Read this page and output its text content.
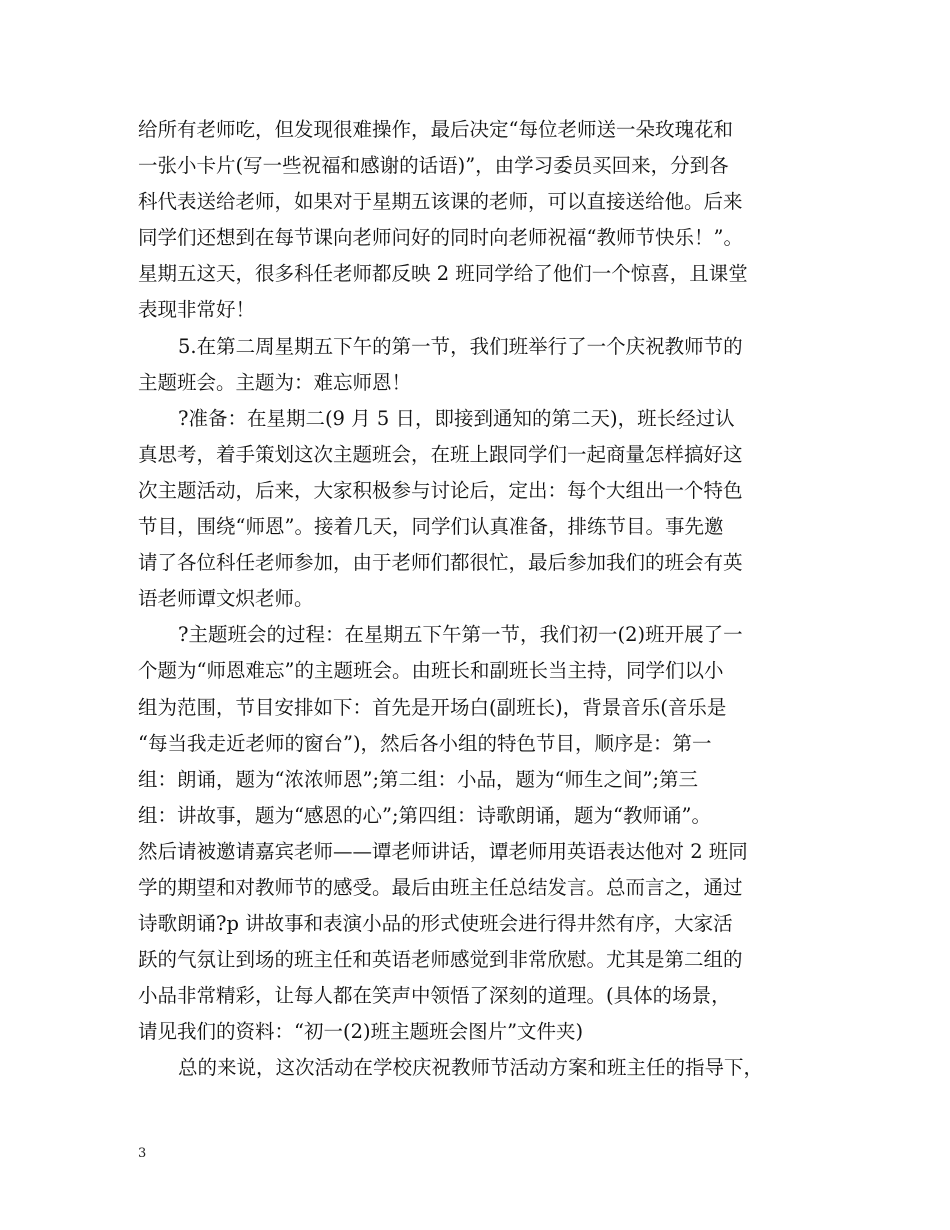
给所有老师吃，但发现很难操作，最后决定“每位老师送一朵玫瑰花和
一张小卡片(写一些祝福和感谢的话语)”，由学习委员买回来，分到各
科代表送给老师，如果对于星期五该课的老师，可以直接送给他。后来
同学们还想到在每节课向老师问好的同时向老师祝福“教师节快乐！”。
星期五这天，很多科任老师都反映 2 班同学给了他们一个惊喜，且课堂
表现非常好！
5.在第二周星期五下午的第一节，我们班举行了一个庆祝教师节的
主题班会。主题为：难忘师恩！
?准备：在星期二(9 月 5 日，即接到通知的第二天)，班长经过认
真思考，着手策划这次主题班会，在班上跟同学们一起商量怎样搞好这
次主题活动，后来，大家积极参与讨论后，定出：每个大组出一个特色
节目，围绕“师恩”。接着几天，同学们认真准备，排练节目。事先邀
请了各位科任老师参加，由于老师们都很忙，最后参加我们的班会有英
语老师谭文炽老师。
?主题班会的过程：在星期五下午第一节，我们初一(2)班开展了一
个题为“师恩难忘”的主题班会。由班长和副班长当主持，同学们以小
组为范围，节目安排如下：首先是开场白(副班长)，背景音乐(音乐是
“每当我走近老师的窗台”)，然后各小组的特色节目，顺序是：第一
组：朗诵，题为“浓浓师恩”;第二组：小品，题为“师生之间”;第三
组：讲故事，题为“感恩的心”;第四组：诗歌朗诵，题为“教师诵”。
然后请被邀请嘉宾老师——谭老师讲话，谭老师用英语表达他对 2 班同
学的期望和对教师节的感受。最后由班主任总结发言。总而言之，通过
诗歌朗诵?p 讲故事和表演小品的形式使班会进行得井然有序，大家活
跃的气氛让到场的班主任和英语老师感觉到非常欣慰。尤其是第二组的
小品非常精彩，让每人都在笑声中领悟了深刻的道理。(具体的场景，
请见我们的资料：“初一(2)班主题班会图片”文件夹)
总的来说，这次活动在学校庆祝教师节活动方案和班主任的指导下，
3
